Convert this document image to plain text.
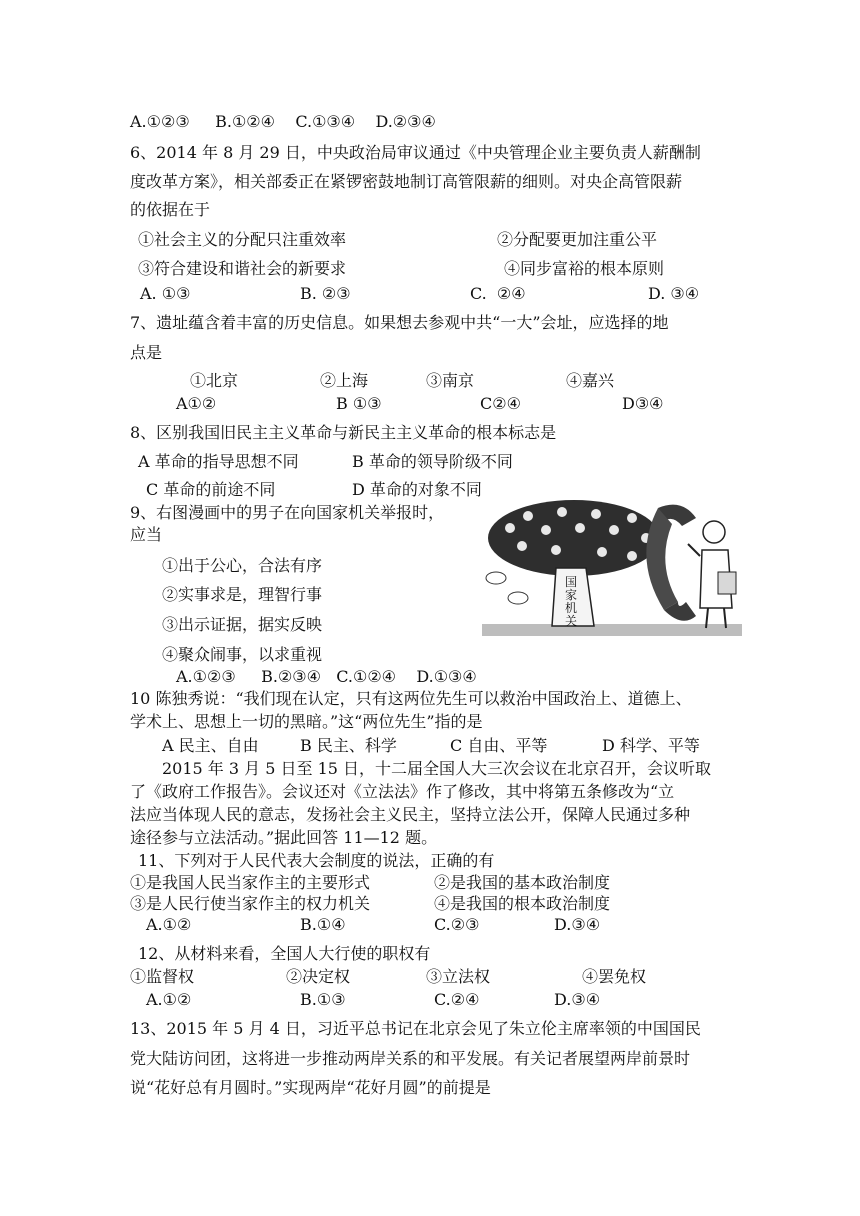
A.①②③     B.①②④    C.①③④    D.②③④
6、2014 年 8 月 29 日，中央政治局审议通过《中央管理企业主要负责人薪酬制
度改革方案》，相关部委正在紧锣密鼓地制订高管限薪的细则。对央企高管限薪
的依据在于
①社会主义的分配只注重效率	②分配要更加注重公平
③符合建设和谐社会的新要求	④同步富裕的根本原则
A. ①③	B. ②③	C.  ②④	D. ③④
7、遗址蕴含着丰富的历史信息。如果想去参观中共“一大”会址，应选择的地
点是
①北京	②上海	③南京	④嘉兴
A①②	B ①③	C②④	D③④
8、区别我国旧民主主义革命与新民主主义革命的根本标志是
A 革命的指导思想不同	B 革命的领导阶级不同
C 革命的前途不同	D 革命的对象不同
9、右图漫画中的男子在向国家机关举报时，
应当
①出于公心，合法有序
②实事求是，理智行事
③出示证据，据实反映
④聚众闹事，以求重视
A.①②③     B.②③④   C.①②④    D.①③④
国
家
机
关
10 陈独秀说：“我们现在认定，只有这两位先生可以救治中国政治上、道德上、
学术上、思想上一切的黑暗。”这“两位先生”指的是
A 民主、自由	B 民主、科学	C 自由、平等	D 科学、平等
2015 年 3 月 5 日至 15 日，十二届全国人大三次会议在北京召开，会议听取
了《政府工作报告》。会议还对《立法法》作了修改，其中将第五条修改为“立
法应当体现人民的意志，发扬社会主义民主，坚持立法公开，保障人民通过多种
途径参与立法活动。”据此回答 11—12 题。
11、下列对于人民代表大会制度的说法，正确的有
①是我国人民当家作主的主要形式	②是我国的基本政治制度
③是人民行使当家作主的权力机关	④是我国的根本政治制度
A.①②	B.①④	C.②③	D.③④
12、从材料来看，全国人大行使的职权有
①监督权	②决定权	③立法权	④罢免权
A.①②	B.①③	C.②④	D.③④
13、2015 年 5 月 4 日，习近平总书记在北京会见了朱立伦主席率领的中国国民
党大陆访问团，这将进一步推动两岸关系的和平发展。有关记者展望两岸前景时
说“花好总有月圆时。”实现两岸“花好月圆”的前提是
